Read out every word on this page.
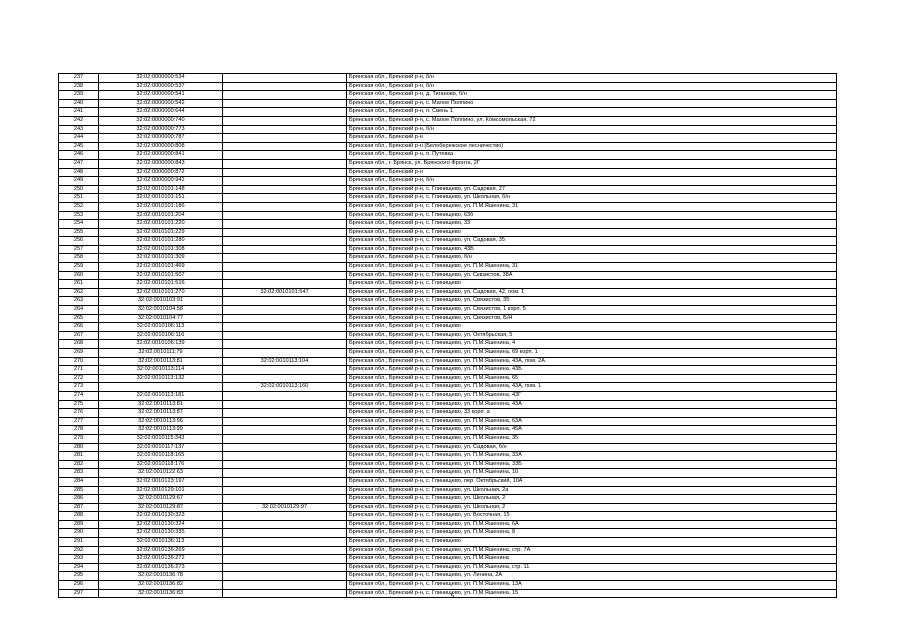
237	32:02:0000000:534		Брянская обл., Брянский р-н, б/н
238	32:02:0000000:537		Брянская обл., Брянский р-н, б/н
239	32:02:0000000:541		Брянская обл., Брянский р-н, д. Тиганово, б/н
240	32:02:0000000:542		Брянская обл., Брянский р-н, с. Малое Полпино
241	32:02:0000000:644		Брянская обл., Брянский р-н, п. Свень 1
242	32:02:0000000:740		Брянская обл., Брянский р-н, с. Малое Полпино, ул. Комсомольская, 72
243	32:02:0000000:773		Брянская обл., Брянский р-н, б/н
244	32:02:0000000:787		Брянская обл., Брянский р-н
245	32:02:0000000:808		Брянская обл., Брянский р-н (Белобережское лесничество)
246	32:02:0000000:841		Брянская обл., Брянский р-н, п. Путевка
247	32:02:0000000:843		Брянская обл., г. Брянск, ул. Брянского Фронта, 2Г
248	32:02:0000000:872		Брянская обл., Брянский р-н
249	32:02:0000000:942		Брянская обл., Брянский р-н, б/н
250	32:02:0010101:148		Брянская обл., Брянский р-н, с. Глинищево, ул. Садовая, 27
251	32:02:0010101:151		Брянская обл., Брянский р-н, с. Глинищево, ул. Школьная, б/н
252	32:02:0010101:186		Брянская обл., Брянский р-н, с. Глинищево, ул. П.М.Яшенина, 31
253	32:02:0010101:204		Брянская обл., Брянский р-н, с. Глинищево, 63б
254	32:02:0010101:220		Брянская обл., Брянский р-н, с. Глинищево, 33
255	32:02:0010101:229		Брянская обл., Брянский р-н, с. Глинищево
256	32:02:0010101:280		Брянская обл., Брянский р-н, с. Глинищево, ул. Садовая, 35
257	32:02:0010101:308		Брянская обл., Брянский р-н, с. Глинищево, 43Б
258	32:02:0010101:309		Брянская обл., Брянский р-н, с. Глинищево, б/н
259	32:02:0010101:469		Брянская обл., Брянский р-н, с. Глинищево, ул. П.М.Яшенина, 31
260	32:02:0010101:507		Брянская обл., Брянский р-н, с. Глинищево, ул. Сквзистов, 38А
261	32:02:0010101:516		Брянская обл., Брянский р-н, с. Глинищево
262	32:02:0010101:270	32:02:0010101:547	Брянская обл., Брянский р-н, с. Глинищево, ул. Садовая, 42, пом. 1
263	32:02:0010103:91		Брянская обл., Брянский р-н, с. Глинищево, ул. Связистов, 35
264	32:02:0010104:58		Брянская обл., Брянский р-н, с. Глинищево, ул. Связистов, 1 корп. 5
265	32:02:0010104:77		Брянская обл., Брянский р-н, с. Глинищево, ул. Связистов, Б/Н
266	32:02:0010106:113		Брянская обл., Брянский р-н, с. Глинищево
267	32:02:0010106:116		Брянская обл., Брянский р-н, с. Глинищево, ул. Октябрьская, 5
268	32:02:0010106:139		Брянская обл., Брянский р-н, с. Глинищево, ул. П.М.Яшенина, 4
269	32:02:0010111:79		Брянская обл., Брянский р-н, с. Глинищево, ул. П.М.Яшенина, 69 корп. 1
270	32:02:0010113:81	32:02:0010113:104	Брянская обл., Брянский р-н, с. Глинищево, ул. П.М.Яшенина, 43А, пом. 2А
271	32:02:0010113:114		Брянская обл., Брянский р-н, с. Глинищево, ул. П.М.Яшенина, 43Б
272	32:02:0010113:132		Брянская обл., Брянский р-н, с. Глинищево, ул. П.М.Яшенина, 65
273		32:02:0010113:160	Брянская обл., Брянский р-н, с. Глинищево, ул. П.М.Яшенина, 43А, пом. 1
274	32:02:0010113:181		Брянская обл., Брянский р-н, с. Глинищево, ул. П.М.Яшенина, 43Г
275	32:02:0010113:81		Брянская обл., Брянский р-н, с. Глинищево, ул. П.М.Яшенина, 43А
276	32:02:0010113:87		Брянская обл., Брянский р-н, с. Глинищево, 33 корп. а
277	32:02:0010113:96		Брянская обл., Брянский р-н, с. Глинищево, ул. П.М.Яшенина, 63А
278	32:02:0010113:99		Брянская обл., Брянский р-н, с. Глинищево, ул. П.М.Яшенина, 45А
279	32:02:0010115:343		Брянская обл., Брянский р-н, с. Глинищево, ул. П.М.Яшенина, 35
280	32:02:0010117:137		Брянская обл., Брянский р-н, с. Глинищево, ул. Садовая, б/н
281	32:02:0010118:165		Брянская обл., Брянский р-н, с. Глинищево, ул. П.М.Яшенина, 33А
282	32:02:0010118:176		Брянская обл., Брянский р-н, с. Глинищево, ул. П.М.Яшенина, 33Б
283	32:02:0010122:63		Брянская обл., Брянский р-н, с. Глинищево, ул. П.М.Яшенина, 10
284	32:02:0010123:197		Брянская обл., Брянский р-н, с. Глинищево, пер. Октябрьский, 10А
285	32:02:0010129:101		Брянская обл., Брянский р-н, с. Глинищево, ул. Школьная, 2а
286	32:02:0010129:67		Брянская обл., Брянский р-н, с. Глинищево, ул. Школьная, 2
287	32:02:0010129:87	32:02:0010129:97	Брянская обл., Брянский р-н, с. Глинищево, ул. Школьная, 2
288	32:02:0010130:323		Брянская обл., Брянский р-н, с. Глинищево, ул. Восточная, 15
289	32:02:0010130:324		Брянская обл., Брянский р-н, с. Глинищево, ул. П.М.Яшенина, 6А
290	32:02:0010130:335		Брянская обл., Брянский р-н, с. Глинищево, ул. П.М.Яшенина, 8
291	32:02:0010136:113		Брянская обл., Брянский р-н, с. Глинищево
292	32:02:0010136:269		Брянская обл., Брянский р-н, с. Глинищево, ул. П.М.Яшенина, стр. 7А
293	32:02:0010136:272		Брянская обл., Брянский р-н, с. Глинищево, ул. П.М.Яшенина
294	32:02:0010136:273		Брянская обл., Брянский р-н, с. Глинищево, ул. П.М.Яшенина, стр. 11
295	32:02:0010136:78		Брянская обл., Брянский р-н, с. Глинищево, ул. Ленина, 2А
296	32:02:0010136:82		Брянская обл., Брянский р-н, с. Глинищево, ул. П.М.Яшенина, 13А
297	32:02:0010136:83		Брянская обл., Брянский р-н, с. Глинищево, ул. П.М.Яшенина, 15
5
